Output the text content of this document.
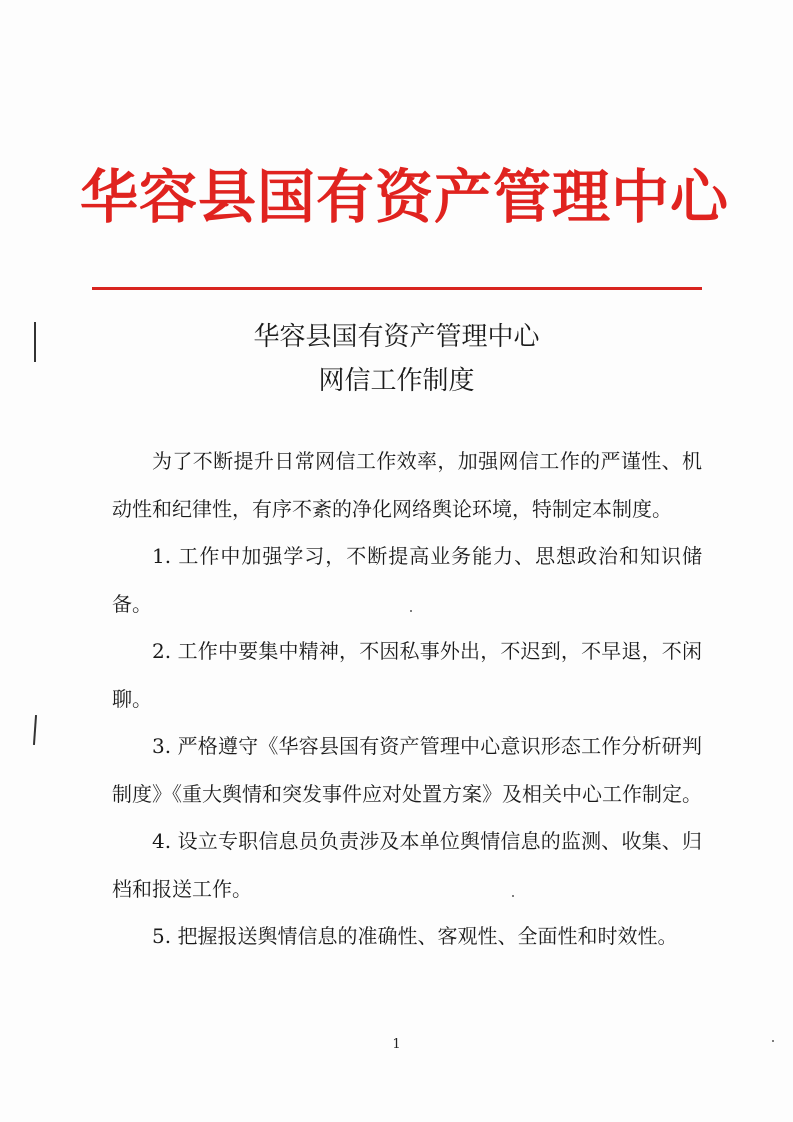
华容县国有资产管理中心
华容县国有资产管理中心
网信工作制度

为了不断提升日常网信工作效率，加强网信工作的严谨性、机动性和纪律性，有序不紊的净化网络舆论环境，特制定本制度。

1. 工作中加强学习，不断提高业务能力、思想政治和知识储备。

2. 工作中要集中精神，不因私事外出，不迟到，不早退，不闲聊。

3. 严格遵守《华容县国有资产管理中心意识形态工作分析研判制度》《重大舆情和突发事件应对处置方案》及相关中心工作制定。

4. 设立专职信息员负责涉及本单位舆情信息的监测、收集、归档和报送工作。

5. 把握报送舆情信息的准确性、客观性、全面性和时效性。

1
